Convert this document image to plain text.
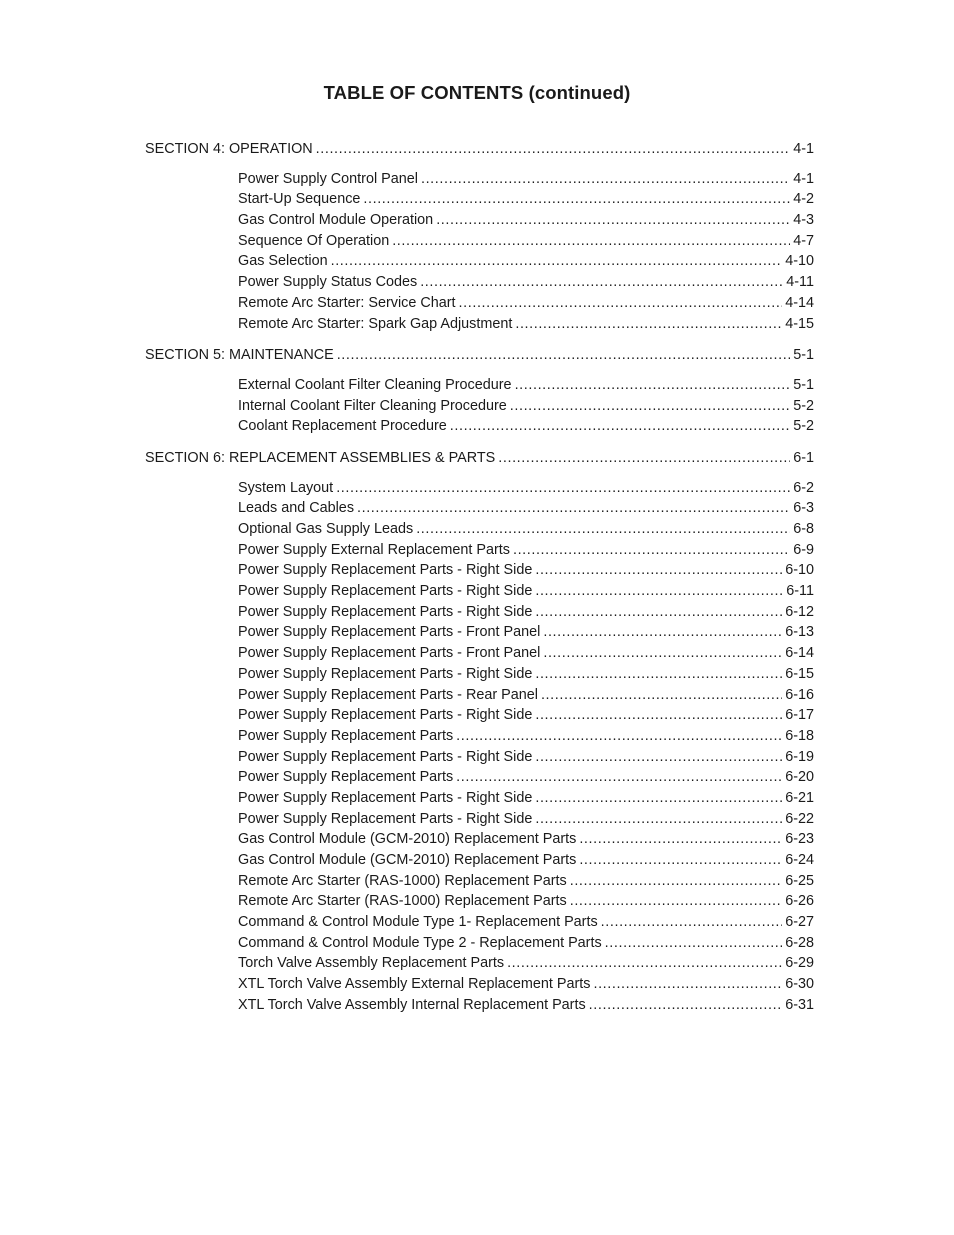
TABLE OF CONTENTS (continued)
SECTION 4: OPERATION .....	4-1
Power Supply Control Panel .....	4-1
Start-Up Sequence .....	4-2
Gas Control Module Operation .....	4-3
Sequence Of Operation .....	4-7
Gas Selection .....	4-10
Power Supply Status Codes .....	4-11
Remote Arc Starter: Service Chart .....	4-14
Remote Arc Starter: Spark Gap Adjustment .....	4-15
SECTION 5: MAINTENANCE .....	5-1
External Coolant Filter Cleaning Procedure .....	5-1
Internal Coolant Filter Cleaning Procedure .....	5-2
Coolant Replacement Procedure .....	5-2
SECTION 6: REPLACEMENT ASSEMBLIES & PARTS .....	6-1
System Layout .....	6-2
Leads and Cables .....	6-3
Optional Gas Supply Leads .....	6-8
Power Supply External Replacement Parts .....	6-9
Power Supply Replacement Parts - Right Side .....	6-10
Power Supply Replacement Parts - Right Side .....	6-11
Power Supply Replacement Parts - Right Side .....	6-12
Power Supply Replacement Parts - Front Panel .....	6-13
Power Supply Replacement Parts - Front Panel .....	6-14
Power Supply Replacement Parts - Right Side .....	6-15
Power Supply Replacement Parts - Rear Panel .....	6-16
Power Supply Replacement Parts - Right Side .....	6-17
Power Supply Replacement Parts .....	6-18
Power Supply Replacement Parts - Right Side .....	6-19
Power Supply Replacement Parts .....	6-20
Power Supply Replacement Parts - Right Side .....	6-21
Power Supply Replacement Parts - Right Side .....	6-22
Gas Control Module (GCM-2010) Replacement Parts .....	6-23
Gas Control Module (GCM-2010) Replacement Parts .....	6-24
Remote Arc Starter (RAS-1000) Replacement Parts .....	6-25
Remote Arc Starter (RAS-1000) Replacement Parts .....	6-26
Command & Control Module Type 1- Replacement Parts .....	6-27
Command & Control Module Type 2 - Replacement Parts .....	6-28
Torch Valve Assembly Replacement Parts .....	6-29
XTL Torch Valve Assembly External Replacement Parts .....	6-30
XTL Torch Valve Assembly Internal Replacement Parts .....	6-31
